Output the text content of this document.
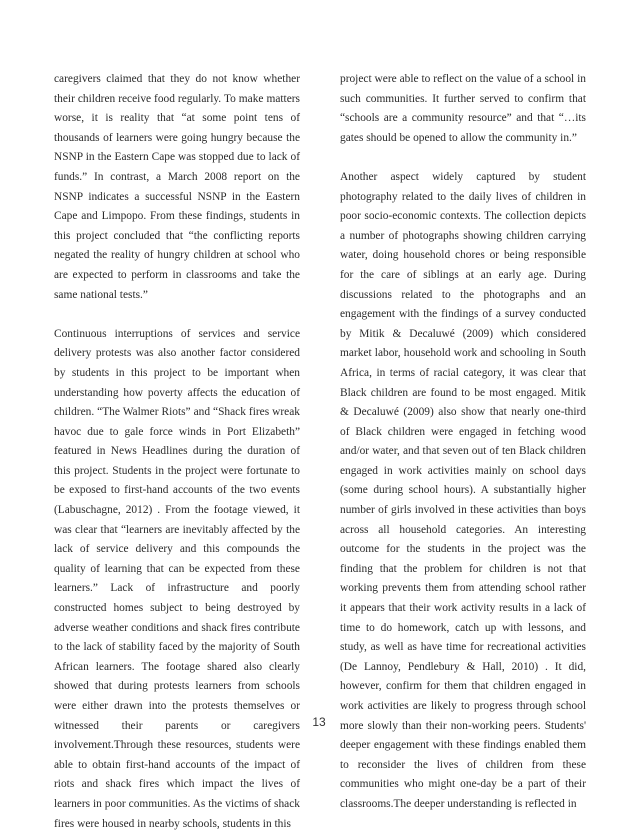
caregivers claimed that they do not know whether their children receive food regularly. To make matters worse, it is reality that “at some point tens of thousands of learners were going hungry because the NSNP in the Eastern Cape was stopped due to lack of funds.” In contrast, a March 2008 report on the NSNP indicates a successful NSNP in the Eastern Cape and Limpopo. From these findings, students in this project concluded that “the conflicting reports negated the reality of hungry children at school who are expected to perform in classrooms and take the same national tests.”

Continuous interruptions of services and service delivery protests was also another factor considered by students in this project to be important when understanding how poverty affects the education of children. “The Walmer Riots” and “Shack fires wreak havoc due to gale force winds in Port Elizabeth” featured in News Headlines during the duration of this project. Students in the project were fortunate to be exposed to first-hand accounts of the two events (Labuschagne, 2012) . From the footage viewed, it was clear that “learners are inevitably affected by the lack of service delivery and this compounds the quality of learning that can be expected from these learners.” Lack of infrastructure and poorly constructed homes subject to being destroyed by adverse weather conditions and shack fires contribute to the lack of stability faced by the majority of South African learners. The footage shared also clearly showed that during protests learners from schools were either drawn into the protests themselves or witnessed their parents or caregivers involvement.Through these resources, students were able to obtain first-hand accounts of the impact of riots and shack fires which impact the lives of learners in poor communities. As the victims of shack fires were housed in nearby schools, students in this

project were able to reflect on the value of a school in such communities. It further served to confirm that “schools are a community resource” and that “…its gates should be opened to allow the community in.”

Another aspect widely captured by student photography related to the daily lives of children in poor socio-economic contexts. The collection depicts a number of photographs showing children carrying water, doing household chores or being responsible for the care of siblings at an early age. During discussions related to the photographs and an engagement with the findings of a survey conducted by Mitik & Decaluwé (2009) which considered market labor, household work and schooling in South Africa, in terms of racial category, it was clear that Black children are found to be most engaged. Mitik & Decaluwé (2009) also show that nearly one-third of Black children were engaged in fetching wood and/or water, and that seven out of ten Black children engaged in work activities mainly on school days (some during school hours). A substantially higher number of girls involved in these activities than boys across all household categories. An interesting outcome for the students in the project was the finding that the problem for children is not that working prevents them from attending school rather it appears that their work activity results in a lack of time to do homework, catch up with lessons, and study, as well as have time for recreational activities (De Lannoy, Pendlebury & Hall, 2010) . It did, however, confirm for them that children engaged in work activities are likely to progress through school more slowly than their non-working peers. Students' deeper engagement with these findings enabled them to reconsider the lives of children from these communities who might one-day be a part of their classrooms.The deeper understanding is reflected in

13
